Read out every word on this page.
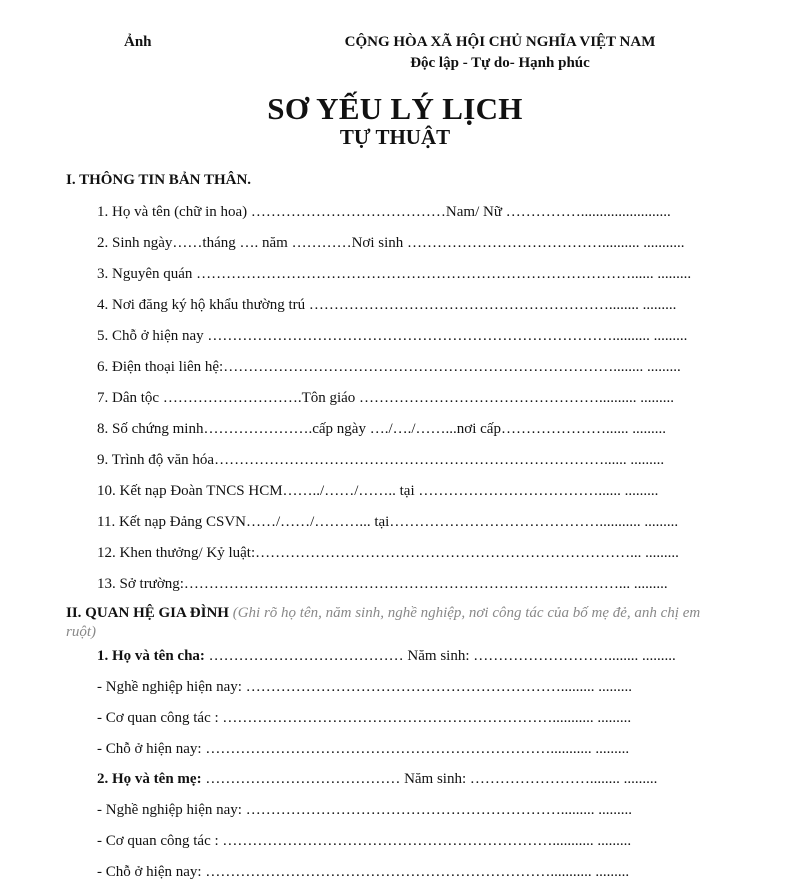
Ảnh	CỘNG HÒA XÃ HỘI CHỦ NGHĨA VIỆT NAM
Độc lập - Tự do- Hạnh phúc
SƠ YẾU LÝ LỊCH
TỰ THUẬT
I. THÔNG TIN BẢN THÂN.
1. Họ và tên (chữ in hoa) …………………………………Nam/ Nữ ……………........................
2. Sinh ngày……tháng …. năm …………Nơi sinh ………………………………….......... ...........
3. Nguyên quán ……………………………………………………………………………...... .........
4. Nơi đăng ký hộ khẩu thường trú ……………………………………………………........ .........
5. Chỗ ở hiện nay ……………………………………………………………………….......... .........
6. Điện thoại liên hệ:……………………………………………………………………........ .........
7. Dân tộc ……………………….Tôn giáo ………………………………………….......... .........
8. Số chứng minh………………….cấp ngày …./…./……...nơi cấp…………………...... .........
9. Trình độ văn hóa……………………………………………………………………...... .........
10. Kết nạp Đoàn TNCS HCM……../……/…….. tại ………………………………...... .........
11. Kết nạp Đảng CSVN……/……/………... tại……………………………………........... .........
12. Khen thưởng/ Kỷ luật:…………………………………………………………………... .........
13. Sở trường:……………………………………………………………………………... .........
II. QUAN HỆ GIA ĐÌNH (Ghi rõ họ tên, năm sinh, nghề nghiệp, nơi công tác của bố mẹ đẻ, anh chị em ruột)
1. Họ và tên cha: ………………………………… Năm sinh: ………………………........ .........
- Nghề nghiệp hiện nay: ………………………………………………………......... .........
- Cơ quan công tác : …………………………………………………………........... .........
- Chỗ ở hiện nay: ……………………………………………………………........... .........
2. Họ và tên mẹ: ………………………………… Năm sinh: ……………………........ .........
- Nghề nghiệp hiện nay: ………………………………………………………......... .........
- Cơ quan công tác : …………………………………………………………........... .........
- Chỗ ở hiện nay: ……………………………………………………………........... .........
